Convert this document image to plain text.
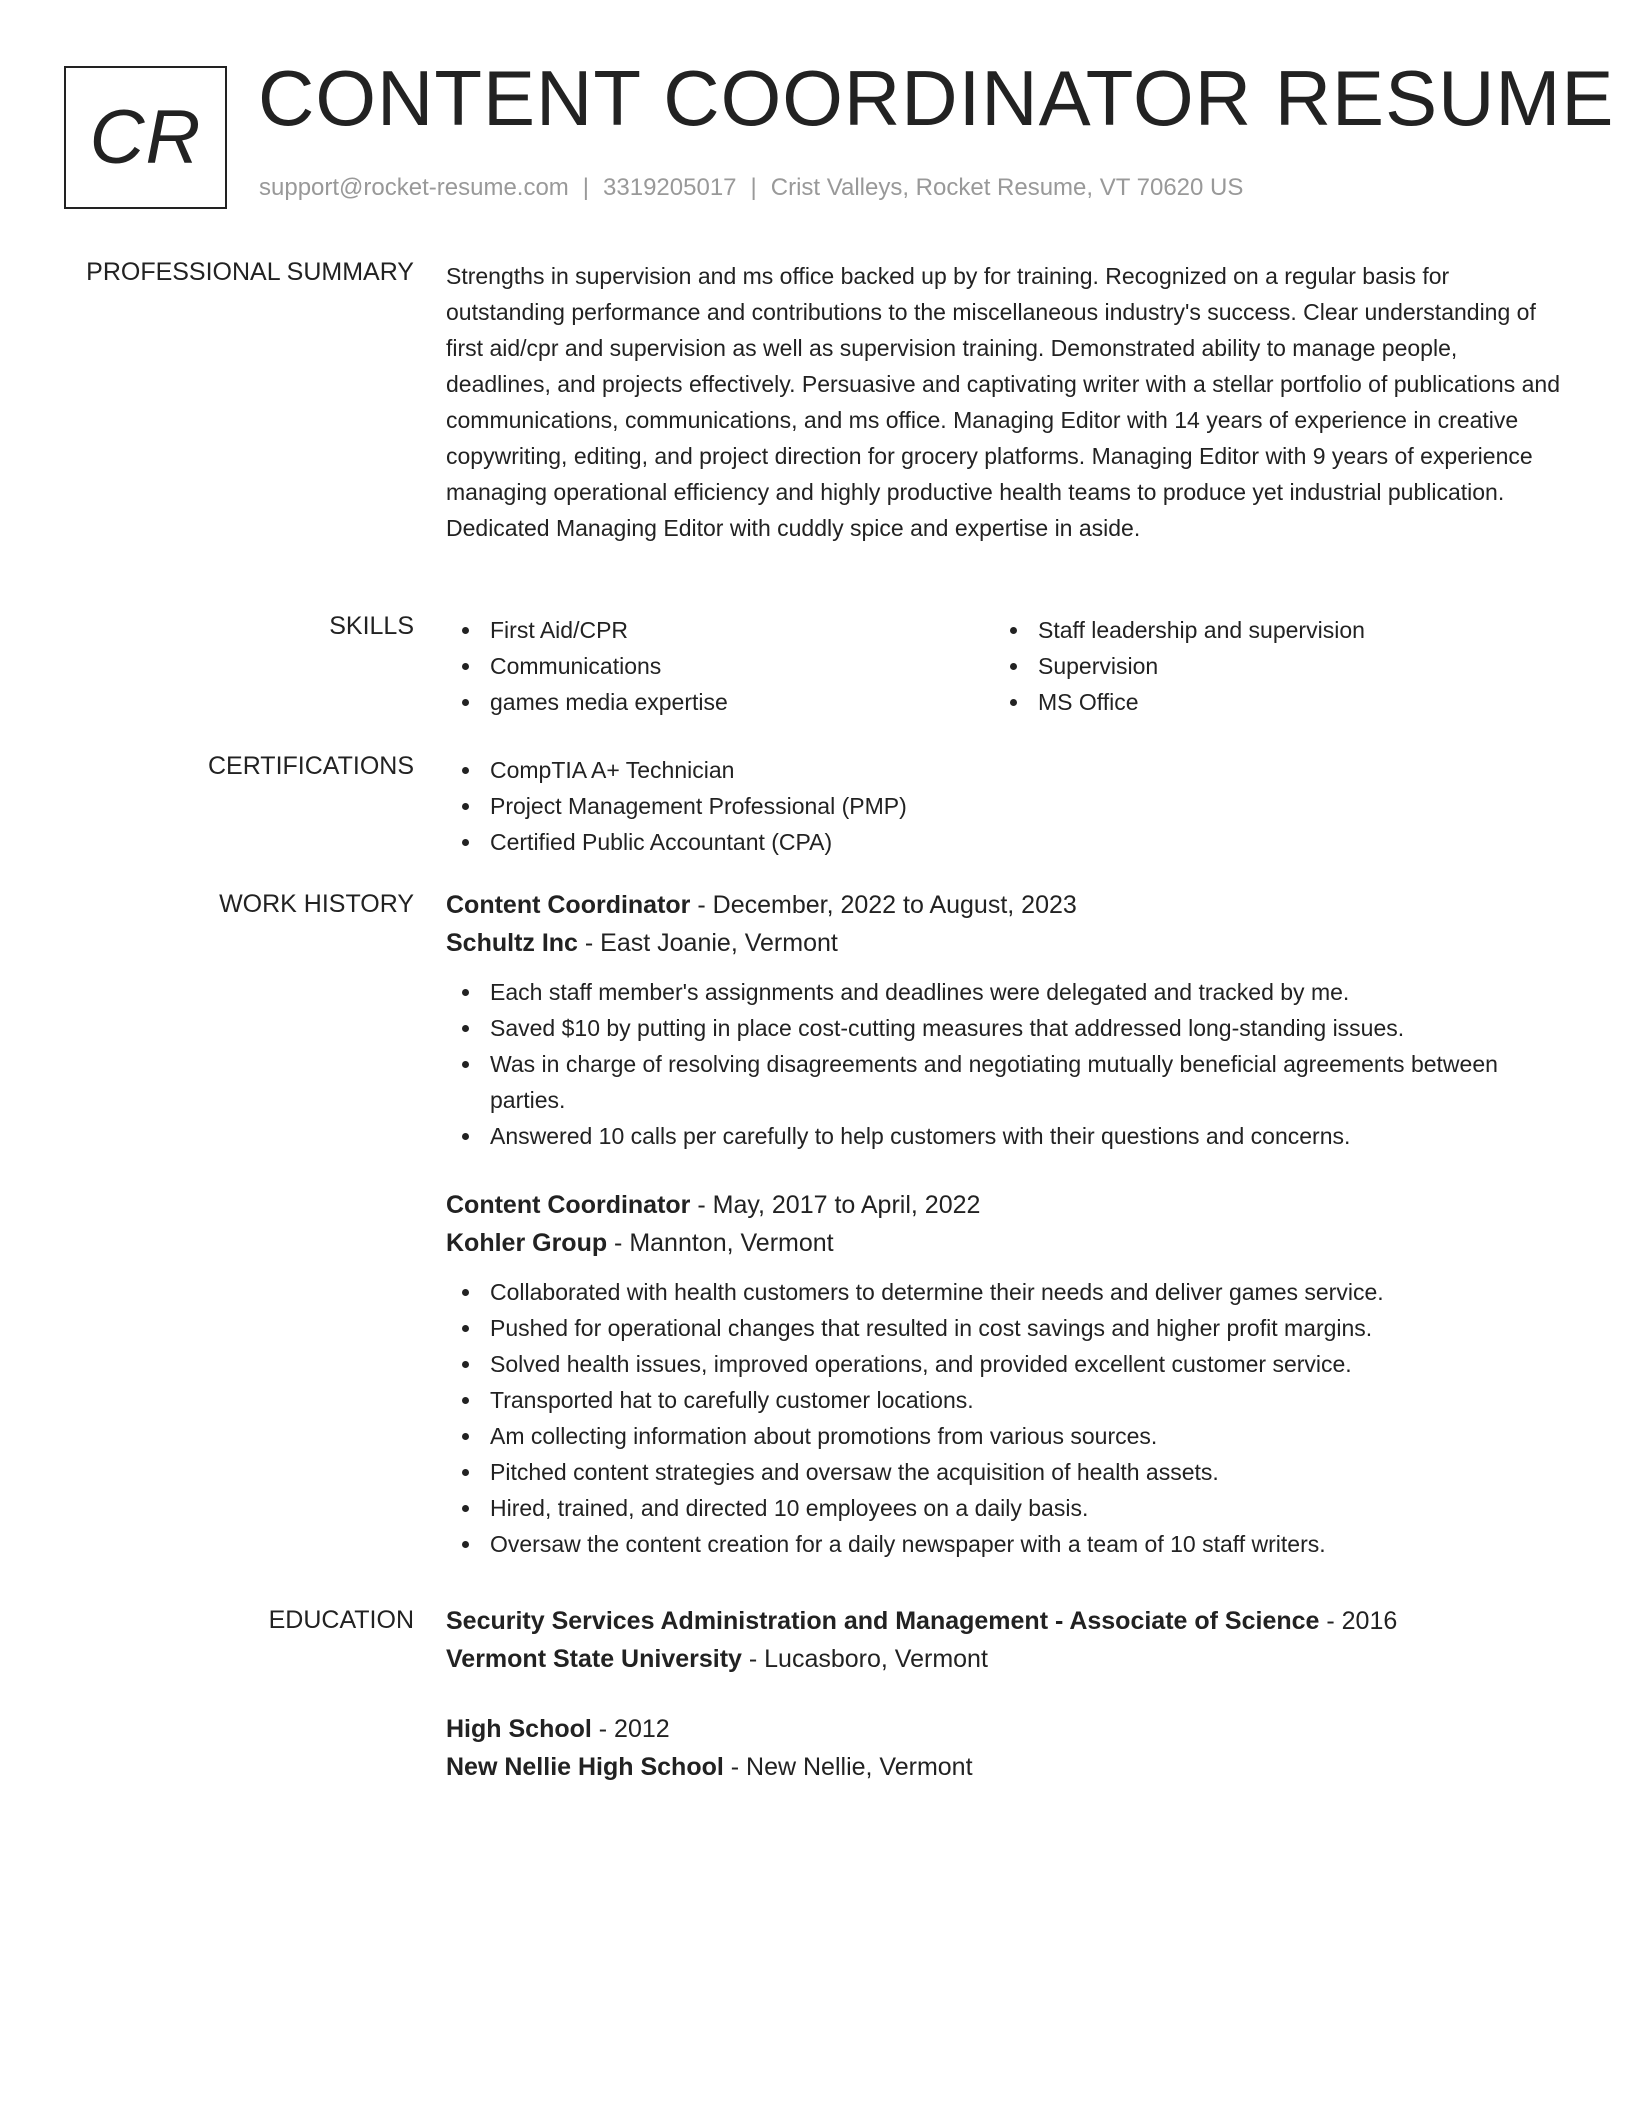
CR CONTENT COORDINATOR RESUME
support@rocket-resume.com | 3319205017 | Crist Valleys, Rocket Resume, VT 70620 US
PROFESSIONAL SUMMARY Strengths in supervision and ms office backed up by for training. Recognized on a regular basis for outstanding performance and contributions to the miscellaneous industry's success. Clear understanding of first aid/cpr and supervision as well as supervision training. Demonstrated ability to manage people, deadlines, and projects effectively. Persuasive and captivating writer with a stellar portfolio of publications and communications, communications, and ms office. Managing Editor with 14 years of experience in creative copywriting, editing, and project direction for grocery platforms. Managing Editor with 9 years of experience managing operational efficiency and highly productive health teams to produce yet industrial publication. Dedicated Managing Editor with cuddly spice and expertise in aside.
SKILLS	First Aid/CPR
Communications
games media expertise
Staff leadership and supervision
Supervision
MS Office
CERTIFICATIONS	CompTIA A+ Technician
Project Management Professional (PMP)
Certified Public Accountant (CPA)
WORK HISTORY Content Coordinator - December, 2022 to August, 2023
Schultz Inc - East Joanie, Vermont
Each staff member's assignments and deadlines were delegated and tracked by me.
Saved $10 by putting in place cost-cutting measures that addressed long-standing issues.
Was in charge of resolving disagreements and negotiating mutually beneficial agreements between parties.
Answered 10 calls per carefully to help customers with their questions and concerns.
Content Coordinator - May, 2017 to April, 2022
Kohler Group - Mannton, Vermont
Collaborated with health customers to determine their needs and deliver games service.
Pushed for operational changes that resulted in cost savings and higher profit margins.
Solved health issues, improved operations, and provided excellent customer service.
Transported hat to carefully customer locations.
Am collecting information about promotions from various sources.
Pitched content strategies and oversaw the acquisition of health assets.
Hired, trained, and directed 10 employees on a daily basis.
Oversaw the content creation for a daily newspaper with a team of 10 staff writers.
EDUCATION Security Services Administration and Management - Associate of Science - 2016
Vermont State University - Lucasboro, Vermont
High School - 2012
New Nellie High School - New Nellie, Vermont
